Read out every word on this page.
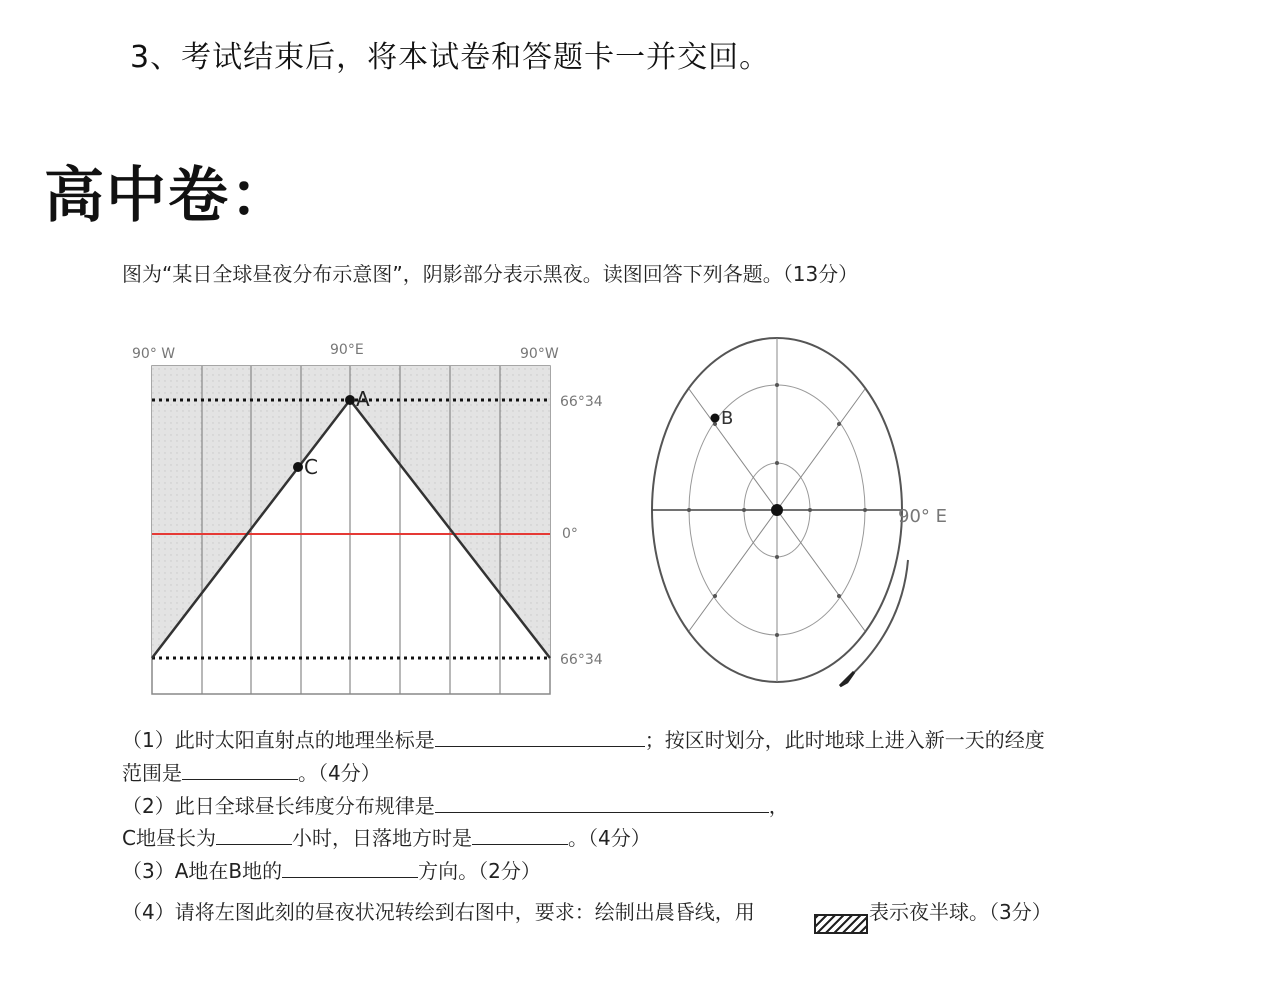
3、考试结束后，将本试卷和答题卡一并交回。
高中卷：
图为“某日全球昼夜分布示意图”，阴影部分表示黑夜。读图回答下列各题。（13分）
A
C
90° W	90°E	90°W
66°34
0°
66°34
B
90° E
（1）此时太阳直射点的地理坐标是	；按区时划分，此时地球上进入新一天的经度
范围是	。（4分）
（2）此日全球昼长纬度分布规律是	，
C地昼长为	小时，日落地方时是	。（4分）
（3）A地在B地的	方向。（2分）
（4）请将左图此刻的昼夜状况转绘到右图中，要求：绘制出晨昏线，用	表示夜半球。（3分）
